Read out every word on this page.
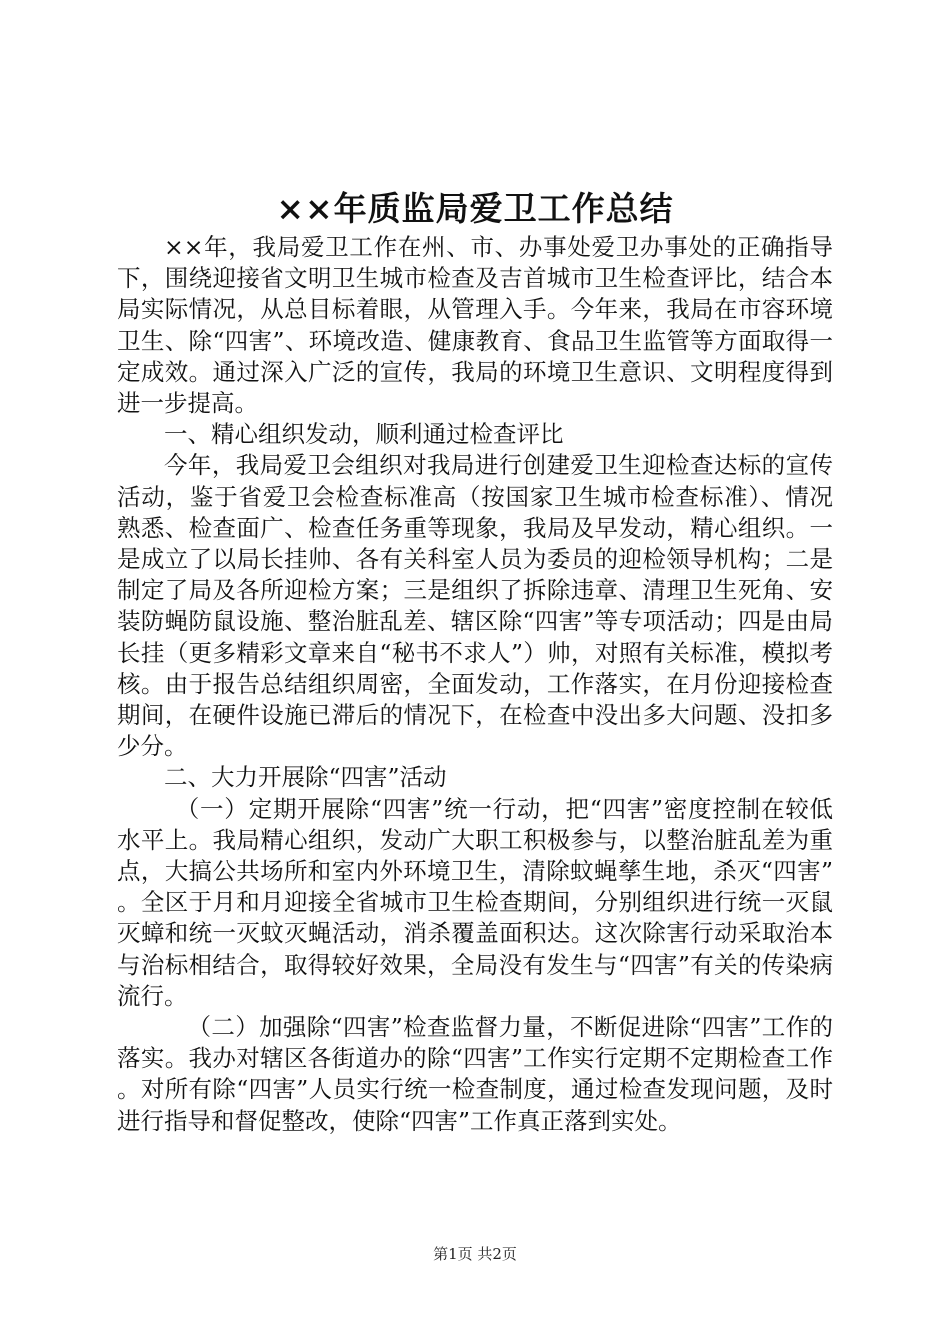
××年质监局爱卫工作总结

××年，我局爱卫工作在州、市、办事处爱卫办事处的正确指导下，围绕迎接省文明卫生城市检查及吉首城市卫生检查评比，结合本局实际情况，从总目标着眼，从管理入手。今年来，我局在市容环境卫生、除“四害”、环境改造、健康教育、食品卫生监管等方面取得一定成效。通过深入广泛的宣传，我局的环境卫生意识、文明程度得到进一步提高。

一、精心组织发动，顺利通过检查评比

今年，我局爱卫会组织对我局进行创建爱卫生迎检查达标的宣传活动，鉴于省爱卫会检查标准高（按国家卫生城市检查标准）、情况熟悉、检查面广、检查任务重等现象，我局及早发动，精心组织。一是成立了以局长挂帅、各有关科室人员为委员的迎检领导机构；二是制定了局及各所迎检方案；三是组织了拆除违章、清理卫生死角、安装防蝇防鼠设施、整治脏乱差、辖区除“四害”等专项活动；四是由局长挂（更多精彩文章来自“秘书不求人”）帅，对照有关标准，模拟考核。由于报告总结组织周密，全面发动，工作落实，在月份迎接检查期间，在硬件设施已滞后的情况下，在检查中没出多大问题、没扣多少分。

二、大力开展除“四害”活动

（一）定期开展除“四害”统一行动，把“四害”密度控制在较低水平上。我局精心组织，发动广大职工积极参与，以整治脏乱差为重点，大搞公共场所和室内外环境卫生，清除蚊蝇孳生地，杀灭“四害”。全区于月和月迎接全省城市卫生检查期间，分别组织进行统一灭鼠灭蟑和统一灭蚊灭蝇活动，消杀覆盖面积达。这次除害行动采取治本与治标相结合，取得较好效果，全局没有发生与“四害”有关的传染病流行。

（二）加强除“四害”检查监督力量，不断促进除“四害”工作的落实。我办对辖区各街道办的除“四害”工作实行定期不定期检查工作。对所有除“四害”人员实行统一检查制度，通过检查发现问题，及时进行指导和督促整改，使除“四害”工作真正落到实处。

第1页 共2页
